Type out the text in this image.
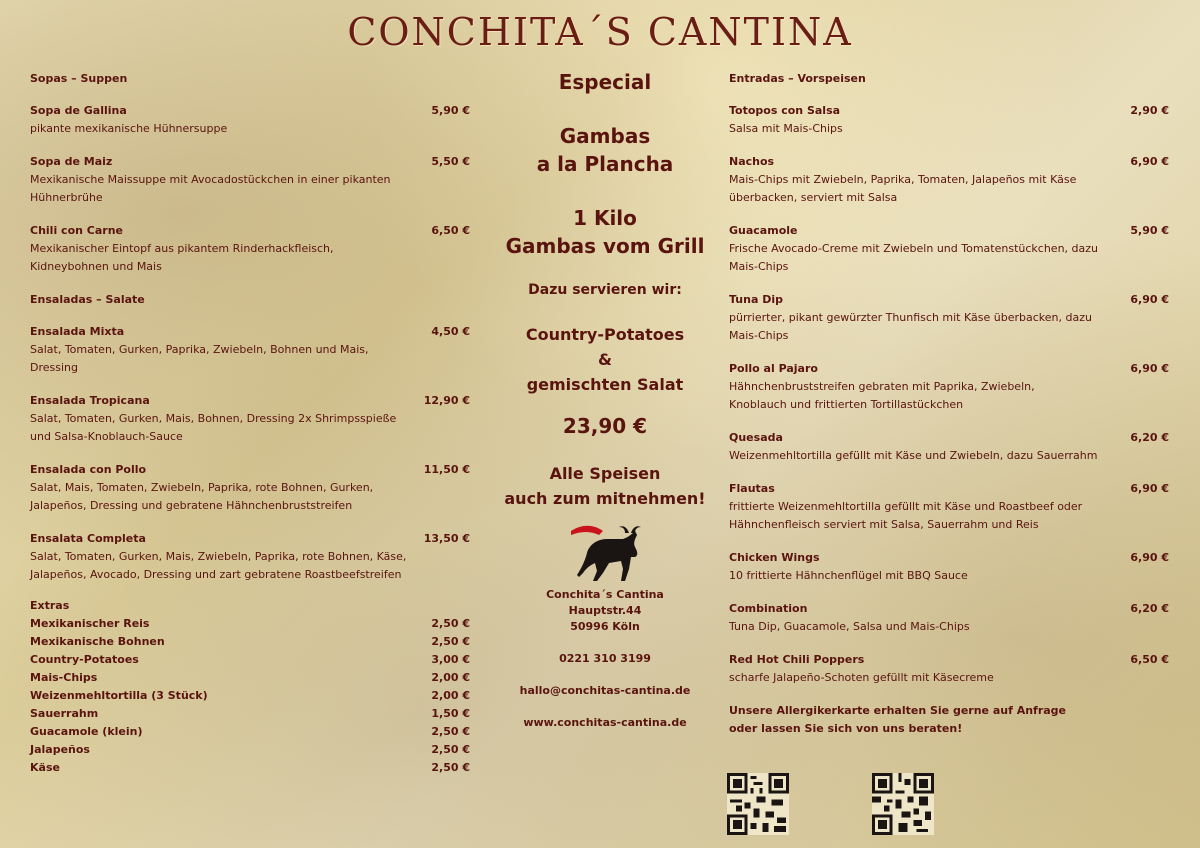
CONCHITA´S CANTINA
Sopas – Suppen
Sopa de Gallina	5,90 €
pikante mexikanische Hühnersuppe
Sopa de Maiz	5,50 €
Mexikanische Maissuppe mit Avocadostückchen in einer pikanten Hühnerbrühe
Chili con Carne	6,50 €
Mexikanischer Eintopf aus pikantem Rinderhackfleisch, Kidneybohnen und Mais
Ensaladas – Salate
Ensalada Mixta	4,50 €
Salat, Tomaten, Gurken, Paprika, Zwiebeln, Bohnen und Mais, Dressing
Ensalada Tropicana	12,90 €
Salat, Tomaten, Gurken, Mais, Bohnen, Dressing 2x Shrimpsspieße und Salsa-Knoblauch-Sauce
Ensalada con Pollo	11,50 €
Salat, Mais, Tomaten, Zwiebeln, Paprika, rote Bohnen, Gurken, Jalapeños, Dressing und gebratene Hähnchenbruststreifen
Ensalata Completa	13,50 €
Salat, Tomaten, Gurken, Mais, Zwiebeln, Paprika, rote Bohnen, Käse, Jalapeños, Avocado, Dressing und zart gebratene Roastbeefstreifen
Extras
Mexikanischer Reis	2,50 €
Mexikanische Bohnen	2,50 €
Country-Potatoes	3,00 €
Mais-Chips	2,00 €
Weizenmehltortilla (3 Stück)	2,00 €
Sauerrahm	1,50 €
Guacamole (klein)	2,50 €
Jalapeños	2,50 €
Käse	2,50 €
Especial
Gambas
a la Plancha
1 Kilo
Gambas vom Grill
Dazu servieren wir:
Country-Potatoes
&
gemischten Salat
23,90 €
Alle Speisen
auch zum mitnehmen!
Conchita´s Cantina
Hauptstr.44
50996 Köln
0221 310 3199
hallo@conchitas-cantina.de
www.conchitas-cantina.de
Entradas – Vorspeisen
Totopos con Salsa	2,90 €
Salsa mit Mais-Chips
Nachos	6,90 €
Mais-Chips mit Zwiebeln, Paprika, Tomaten, Jalapeños mit Käse überbacken, serviert mit Salsa
Guacamole	5,90 €
Frische Avocado-Creme mit Zwiebeln und Tomatenstückchen, dazu Mais-Chips
Tuna Dip	6,90 €
pürrierter, pikant gewürzter Thunfisch mit Käse überbacken, dazu Mais-Chips
Pollo al Pajaro	6,90 €
Hähnchenbruststreifen gebraten mit Paprika, Zwiebeln, Knoblauch und frittierten Tortillastückchen
Quesada	6,20 €
Weizenmehltortilla gefüllt mit Käse und Zwiebeln, dazu Sauerrahm
Flautas	6,90 €
frittierte Weizenmehltortilla gefüllt mit Käse und Roastbeef oder Hähnchenfleisch serviert mit Salsa, Sauerrahm und Reis
Chicken Wings	6,90 €
10 frittierte Hähnchenflügel mit BBQ Sauce
Combination	6,20 €
Tuna Dip, Guacamole, Salsa und Mais-Chips
Red Hot Chili Poppers	6,50 €
scharfe Jalapeño-Schoten gefüllt mit Käsecreme
Unsere Allergikerkarte erhalten Sie gerne auf Anfrage
oder lassen Sie sich von uns beraten!
